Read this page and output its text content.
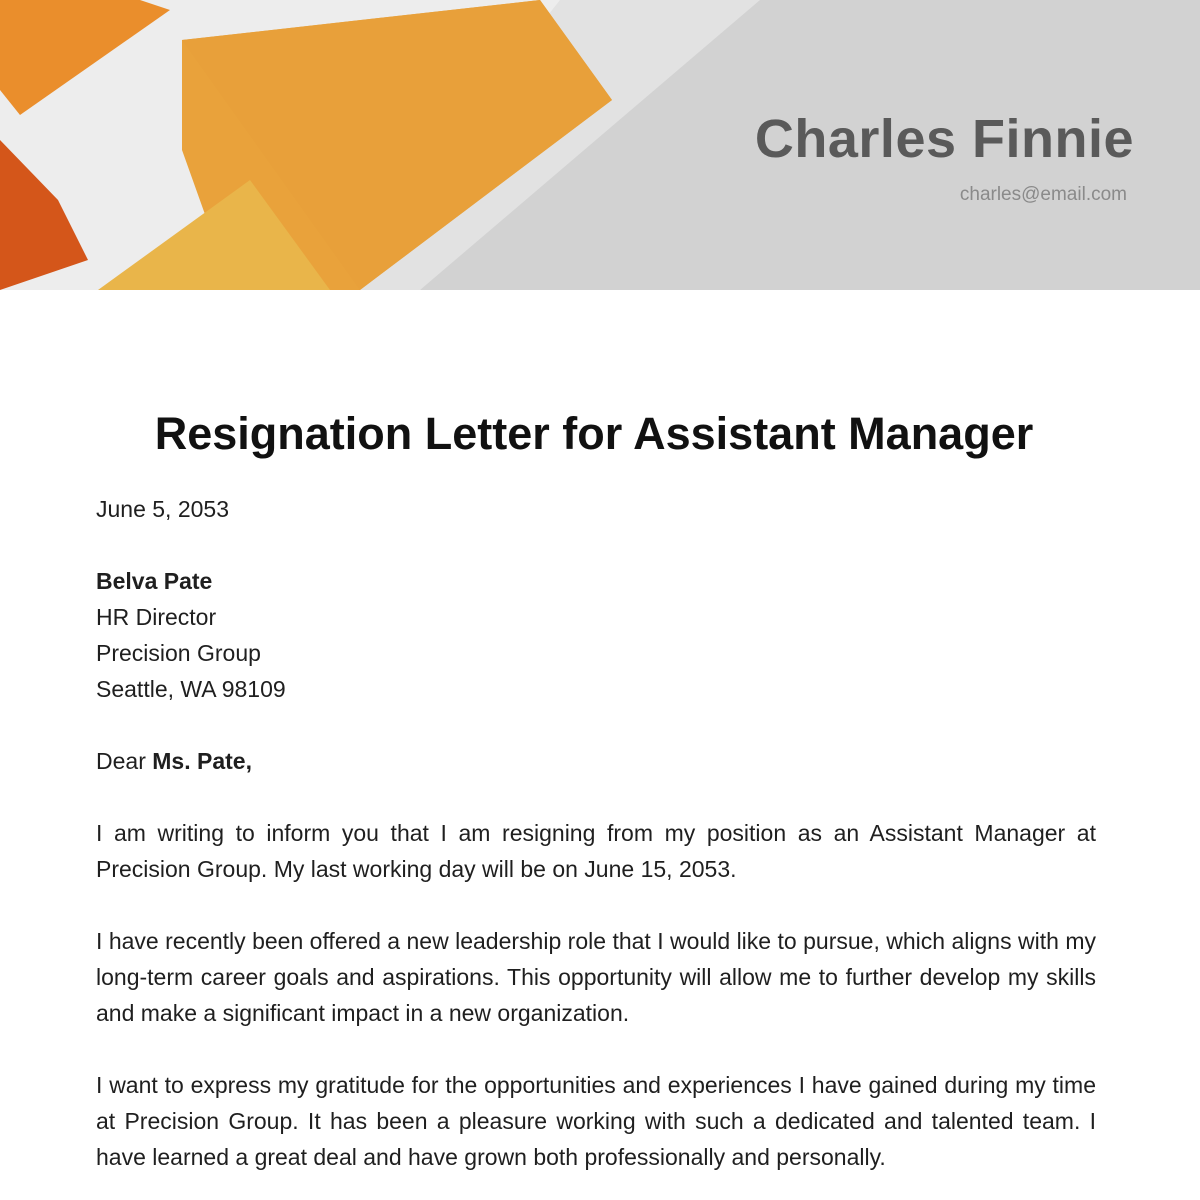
Charles Finnie
charles@email.com
Resignation Letter for Assistant Manager

June 5, 2053

Belva Pate
HR Director
Precision Group
Seattle, WA 98109

Dear Ms. Pate,

I am writing to inform you that I am resigning from my position as an Assistant Manager at Precision Group. My last working day will be on June 15, 2053.

I have recently been offered a new leadership role that I would like to pursue, which aligns with my long-term career goals and aspirations. This opportunity will allow me to further develop my skills and make a significant impact in a new organization.

I want to express my gratitude for the opportunities and experiences I have gained during my time at Precision Group. It has been a pleasure working with such a dedicated and talented team. I have learned a great deal and have grown both professionally and personally.
